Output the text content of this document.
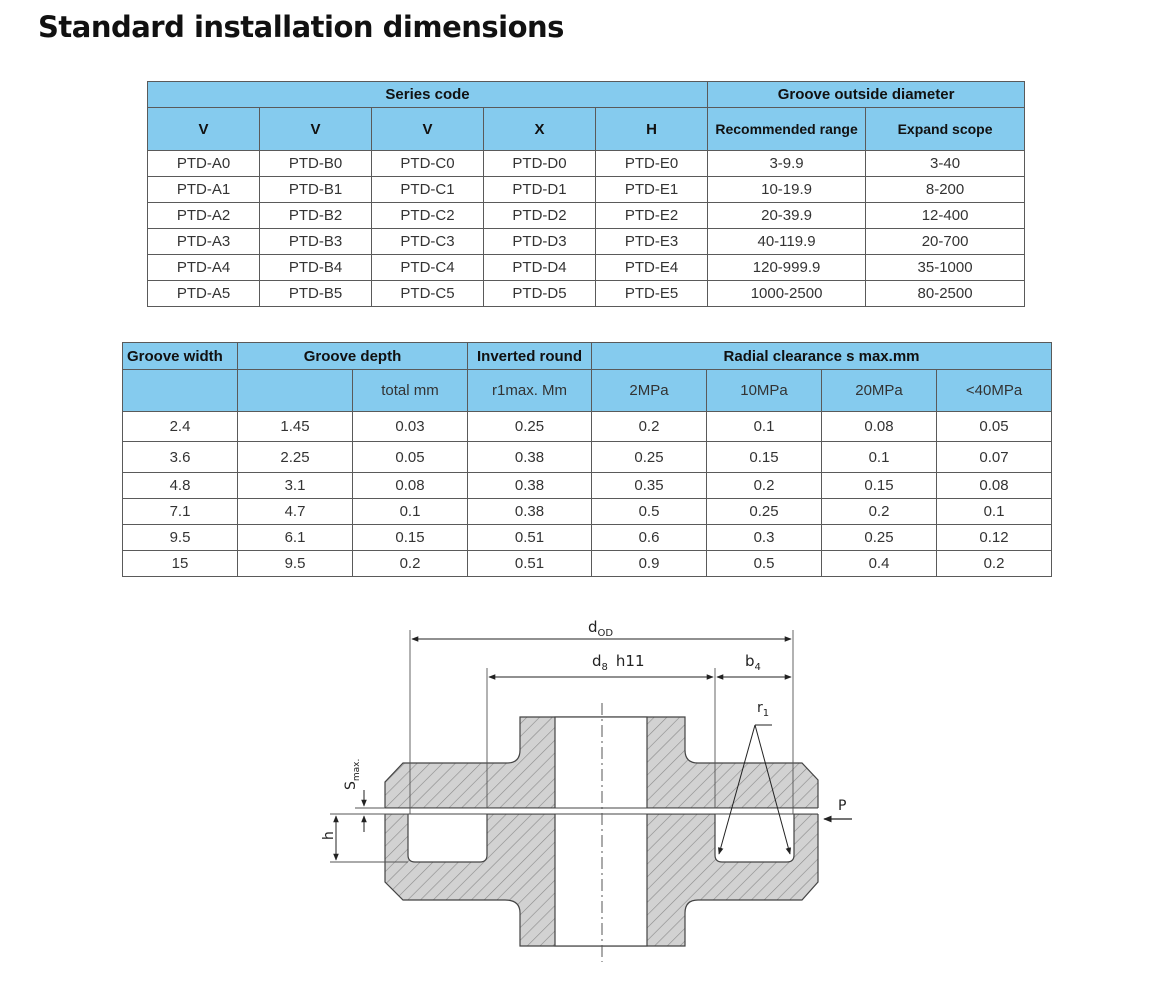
Standard installation dimensions
Series code					Groove outside diameter	
V	V	V	X	H	Recommended range	Expand scope
PTD-A0	PTD-B0	PTD-C0	PTD-D0	PTD-E0	3-9.9	3-40
PTD-A1	PTD-B1	PTD-C1	PTD-D1	PTD-E1	10-19.9	8-200
PTD-A2	PTD-B2	PTD-C2	PTD-D2	PTD-E2	20-39.9	12-400
PTD-A3	PTD-B3	PTD-C3	PTD-D3	PTD-E3	40-119.9	20-700
PTD-A4	PTD-B4	PTD-C4	PTD-D4	PTD-E4	120-999.9	35-1000
PTD-A5	PTD-B5	PTD-C5	PTD-D5	PTD-E5	1000-2500	80-2500
Groove width	Groove depth		Inverted round	Radial clearance s max.mm			
		total mm	r1max. Mm	2MPa	10MPa	20MPa	<40MPa
2.4	1.45	0.03	0.25	0.2	0.1	0.08	0.05
3.6	2.25	0.05	0.38	0.25	0.15	0.1	0.07
4.8	3.1	0.08	0.38	0.35	0.2	0.15	0.08
7.1	4.7	0.1	0.38	0.5	0.25	0.2	0.1
9.5	6.1	0.15	0.51	0.6	0.3	0.25	0.12
15	9.5	0.2	0.51	0.9	0.5	0.4	0.2
$d_{OD}$
$d_8$ h11	$b_4$
$r_1$
h
$S_{max.}$
P
